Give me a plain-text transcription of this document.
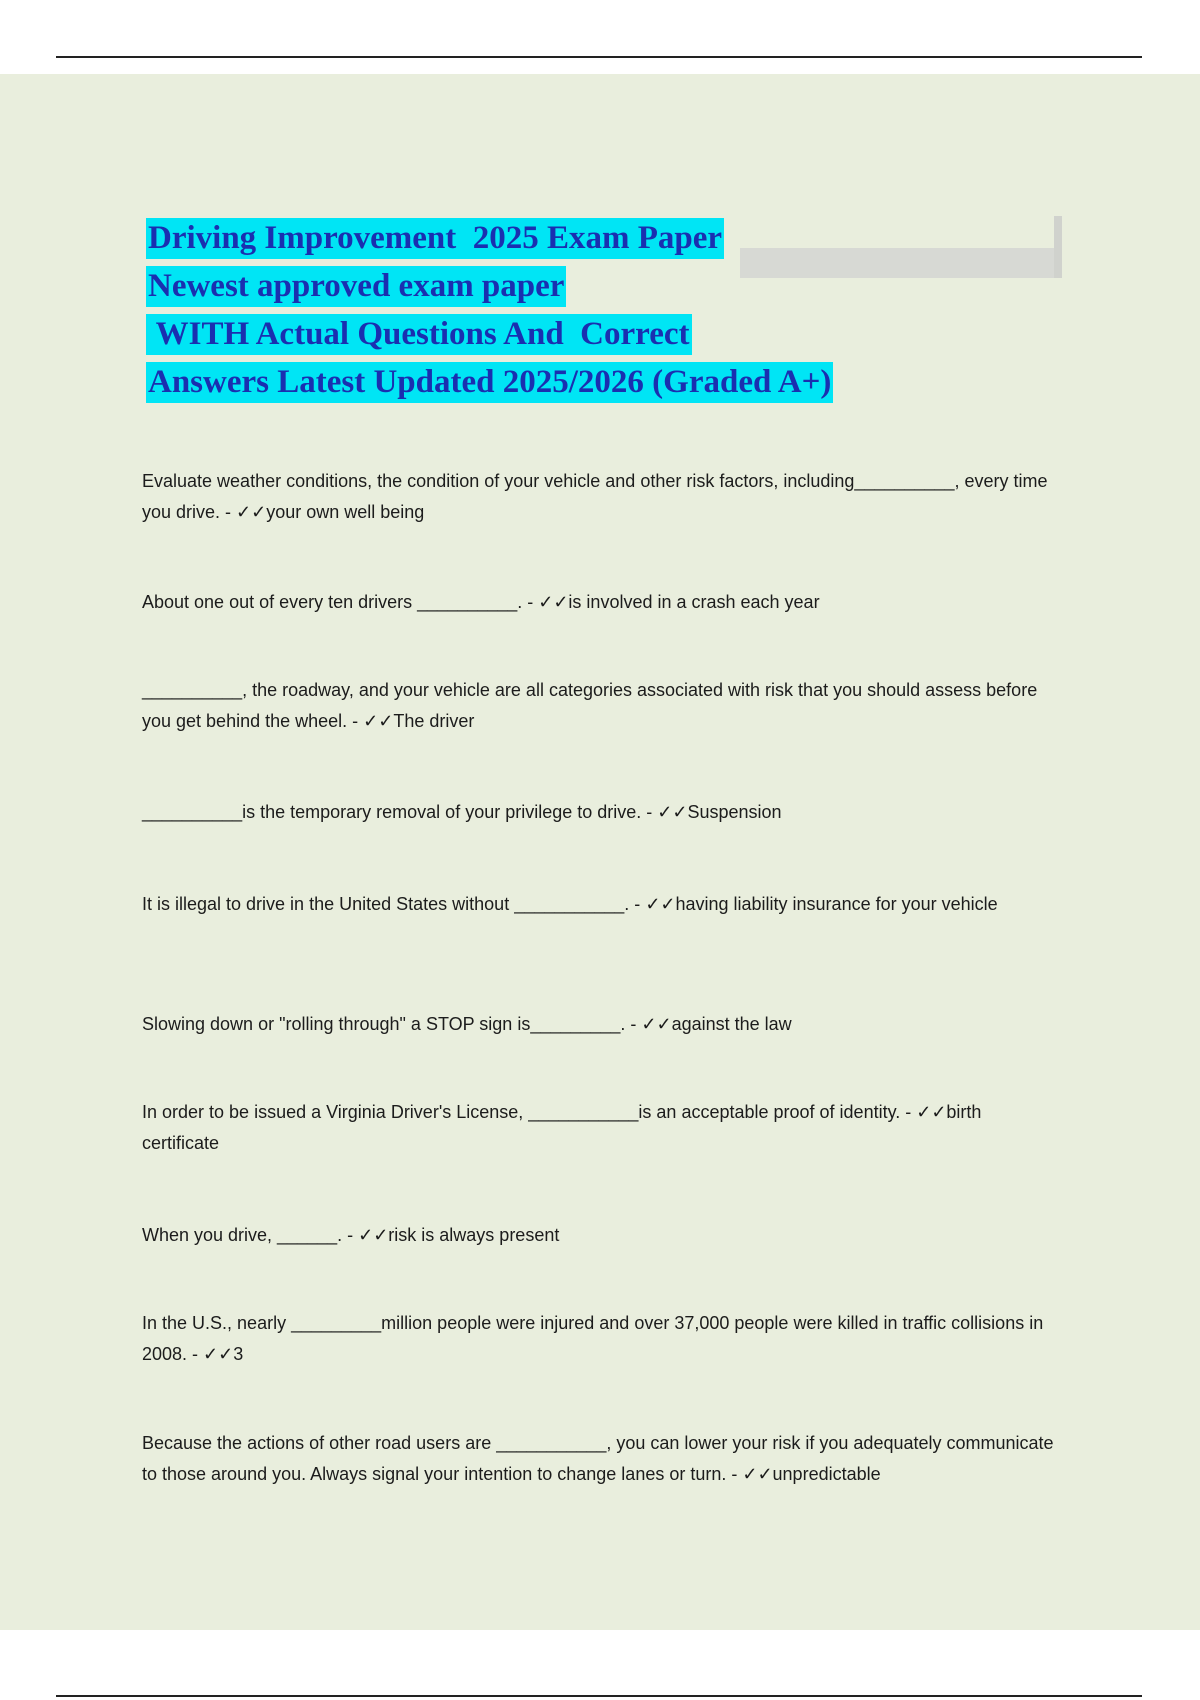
Driving Improvement  2025 Exam Paper
Newest approved exam paper
WITH Actual Questions And  Correct
Answers Latest Updated 2025/2026 (Graded A+)
Evaluate weather conditions, the condition of your vehicle and other risk factors, including__________, every time you drive. - ✓✓your own well being
About one out of every ten drivers __________. - ✓✓is involved in a crash each year
__________, the roadway, and your vehicle are all categories associated with risk that you should assess before you get behind the wheel. - ✓✓The driver
__________is the temporary removal of your privilege to drive. - ✓✓Suspension
It is illegal to drive in the United States without ___________. - ✓✓having liability insurance for your vehicle
Slowing down or "rolling through" a STOP sign is_________. - ✓✓against the law
In order to be issued a Virginia Driver's License, ___________is an acceptable proof of identity. - ✓✓birth certificate
When you drive, ______. - ✓✓risk is always present
In the U.S., nearly _________million people were injured and over 37,000 people were killed in traffic collisions in 2008. - ✓✓3
Because the actions of other road users are ___________, you can lower your risk if you adequately communicate to those around you. Always signal your intention to change lanes or turn. - ✓✓unpredictable
